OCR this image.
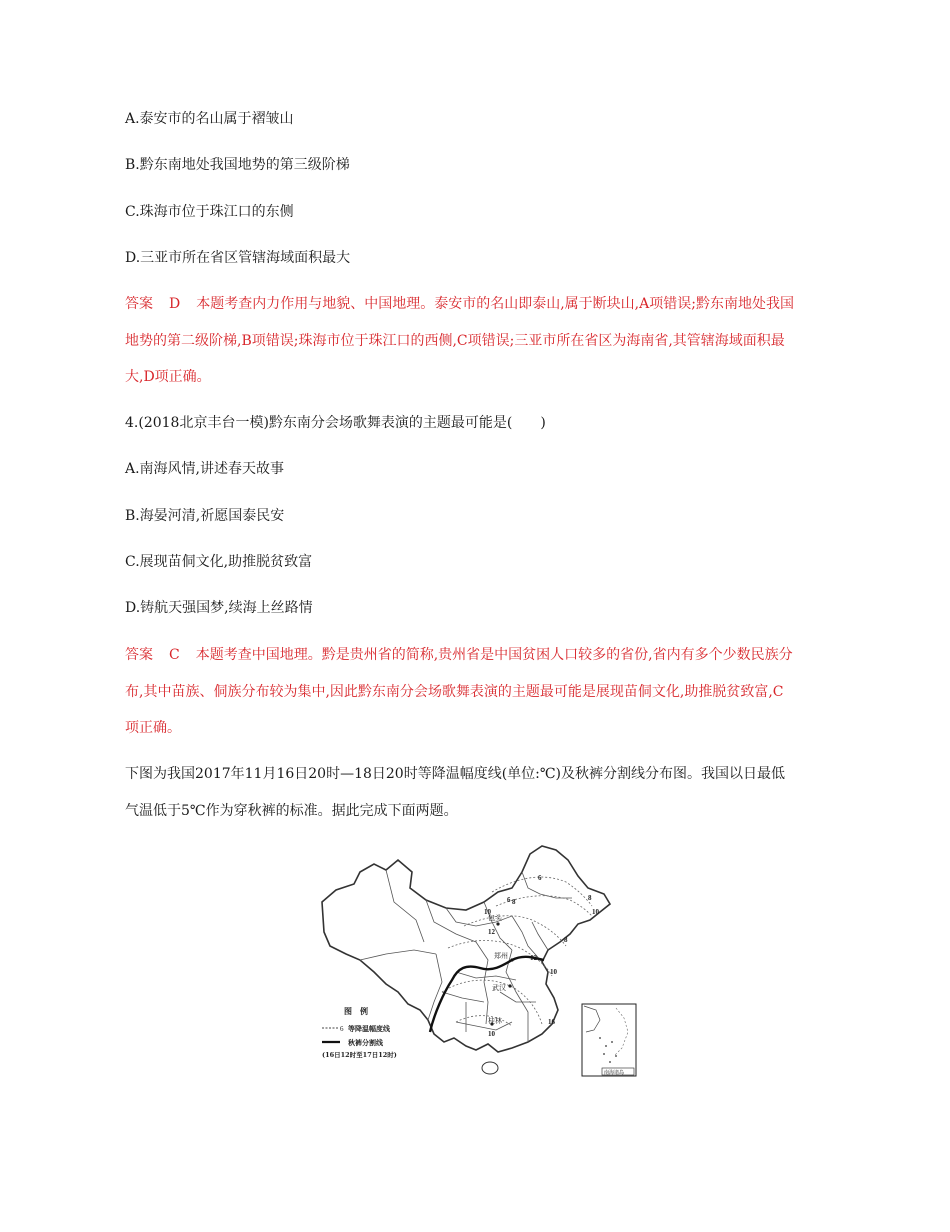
A.泰安市的名山属于褶皱山

B.黔东南地处我国地势的第三级阶梯

C.珠海市位于珠江口的东侧

D.三亚市所在省区管辖海域面积最大

答案 D 本题考查内力作用与地貌、中国地理。泰安市的名山即泰山,属于断块山,A项错误;黔东南地处我国

地势的第二级阶梯,B项错误;珠海市位于珠江口的西侧,C项错误;三亚市所在省区为海南省,其管辖海域面积最

大,D项正确。

4.(2018北京丰台一模)黔东南分会场歌舞表演的主题最可能是(　　)

A.南海风情,讲述春天故事

B.海晏河清,祈愿国泰民安

C.展现苗侗文化,助推脱贫致富

D.铸航天强国梦,续海上丝路情

答案 C 本题考查中国地理。黔是贵州省的简称,贵州省是中国贫困人口较多的省份,省内有多个少数民族分

布,其中苗族、侗族分布较为集中,因此黔东南分会场歌舞表演的主题最可能是展现苗侗文化,助推脱贫致富,C

项正确。

下图为我国2017年11月16日20时—18日20时等降温幅度线(单位:℃)及秋裤分割线分布图。我国以日最低

气温低于5℃作为穿秋裤的标准。据此完成下面两题。

6
6	8
10
12
10
8
8
12
10
16
10
包头
郑州
武汉
桂林
图　例
6 等降温幅度线
秋裤分割线
(16日12时至17日12时)
南海诸岛
